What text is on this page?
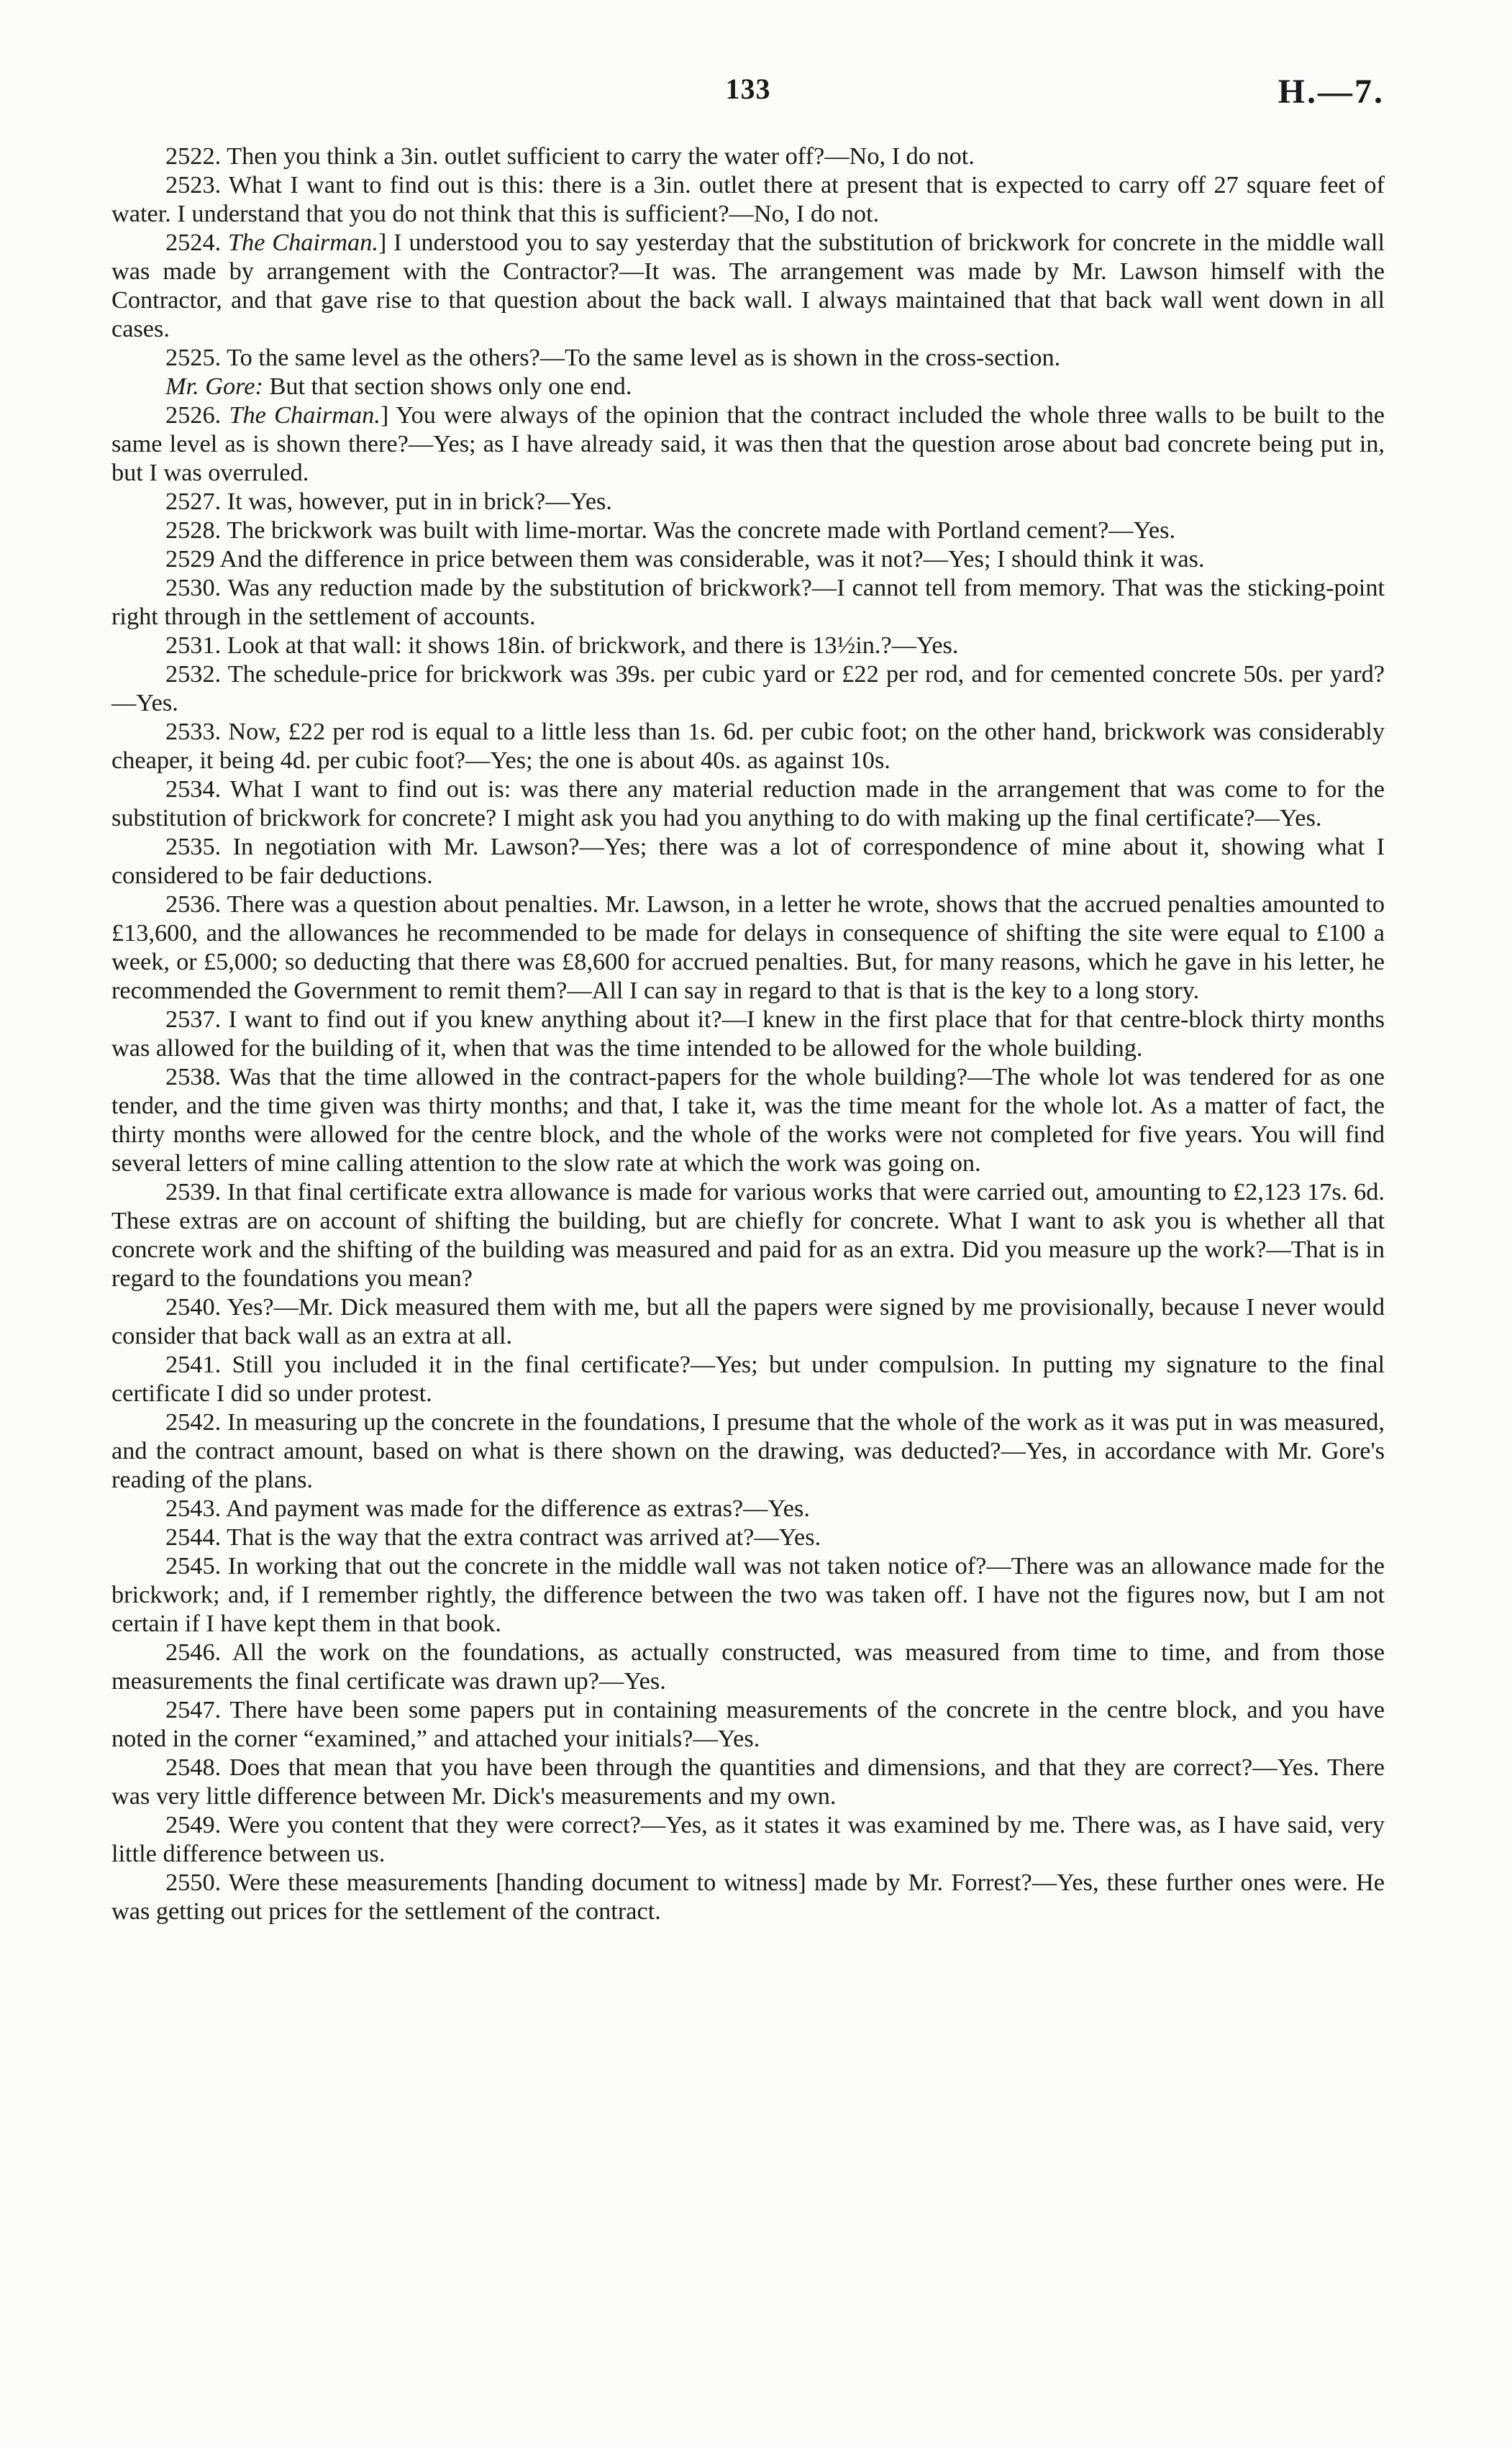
133	H.—7.

2522. Then you think a 3in. outlet sufficient to carry the water off?—No, I do not.

2523. What I want to find out is this: there is a 3in. outlet there at present that is expected to carry off 27 square feet of water. I understand that you do not think that this is sufficient?—No, I do not.

2524. The Chairman.] I understood you to say yesterday that the substitution of brickwork for concrete in the middle wall was made by arrangement with the Contractor?—It was. The arrangement was made by Mr. Lawson himself with the Contractor, and that gave rise to that question about the back wall. I always maintained that that back wall went down in all cases.

2525. To the same level as the others?—To the same level as is shown in the cross-section.

Mr. Gore: But that section shows only one end.

2526. The Chairman.] You were always of the opinion that the contract included the whole three walls to be built to the same level as is shown there?—Yes; as I have already said, it was then that the question arose about bad concrete being put in, but I was overruled.

2527. It was, however, put in in brick?—Yes.

2528. The brickwork was built with lime-mortar. Was the concrete made with Portland cement?—Yes.

2529 And the difference in price between them was considerable, was it not?—Yes; I should think it was.

2530. Was any reduction made by the substitution of brickwork?—I cannot tell from memory. That was the sticking-point right through in the settlement of accounts.

2531. Look at that wall: it shows 18in. of brickwork, and there is 13½in.?—Yes.

2532. The schedule-price for brickwork was 39s. per cubic yard or £22 per rod, and for cemented concrete 50s. per yard?—Yes.

2533. Now, £22 per rod is equal to a little less than 1s. 6d. per cubic foot; on the other hand, brickwork was considerably cheaper, it being 4d. per cubic foot?—Yes; the one is about 40s. as against 10s.

2534. What I want to find out is: was there any material reduction made in the arrangement that was come to for the substitution of brickwork for concrete? I might ask you had you anything to do with making up the final certificate?—Yes.

2535. In negotiation with Mr. Lawson?—Yes; there was a lot of correspondence of mine about it, showing what I considered to be fair deductions.

2536. There was a question about penalties. Mr. Lawson, in a letter he wrote, shows that the accrued penalties amounted to £13,600, and the allowances he recommended to be made for delays in consequence of shifting the site were equal to £100 a week, or £5,000; so deducting that there was £8,600 for accrued penalties. But, for many reasons, which he gave in his letter, he recommended the Government to remit them?—All I can say in regard to that is that is the key to a long story.

2537. I want to find out if you knew anything about it?—I knew in the first place that for that centre-block thirty months was allowed for the building of it, when that was the time intended to be allowed for the whole building.

2538. Was that the time allowed in the contract-papers for the whole building?—The whole lot was tendered for as one tender, and the time given was thirty months; and that, I take it, was the time meant for the whole lot. As a matter of fact, the thirty months were allowed for the centre block, and the whole of the works were not completed for five years. You will find several letters of mine calling attention to the slow rate at which the work was going on.

2539. In that final certificate extra allowance is made for various works that were carried out, amounting to £2,123 17s. 6d. These extras are on account of shifting the building, but are chiefly for concrete. What I want to ask you is whether all that concrete work and the shifting of the building was measured and paid for as an extra. Did you measure up the work?—That is in regard to the foundations you mean?

2540. Yes?—Mr. Dick measured them with me, but all the papers were signed by me provisionally, because I never would consider that back wall as an extra at all.

2541. Still you included it in the final certificate?—Yes; but under compulsion. In putting my signature to the final certificate I did so under protest.

2542. In measuring up the concrete in the foundations, I presume that the whole of the work as it was put in was measured, and the contract amount, based on what is there shown on the drawing, was deducted?—Yes, in accordance with Mr. Gore's reading of the plans.

2543. And payment was made for the difference as extras?—Yes.

2544. That is the way that the extra contract was arrived at?—Yes.

2545. In working that out the concrete in the middle wall was not taken notice of?—There was an allowance made for the brickwork; and, if I remember rightly, the difference between the two was taken off. I have not the figures now, but I am not certain if I have kept them in that book.

2546. All the work on the foundations, as actually constructed, was measured from time to time, and from those measurements the final certificate was drawn up?—Yes.

2547. There have been some papers put in containing measurements of the concrete in the centre block, and you have noted in the corner “examined,” and attached your initials?—Yes.

2548. Does that mean that you have been through the quantities and dimensions, and that they are correct?—Yes. There was very little difference between Mr. Dick's measurements and my own.

2549. Were you content that they were correct?—Yes, as it states it was examined by me. There was, as I have said, very little difference between us.

2550. Were these measurements [handing document to witness] made by Mr. Forrest?—Yes, these further ones were. He was getting out prices for the settlement of the contract.
